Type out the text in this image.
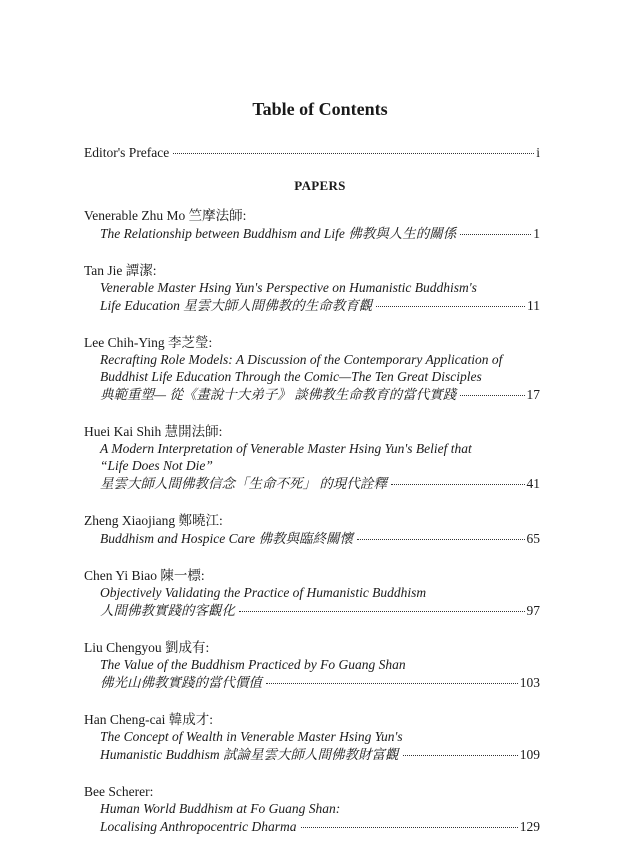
Table of Contents
Editor's Preface	i
PAPERS
Venerable Zhu Mo 竺摩法師:
The Relationship between Buddhism and Life 佛教與人生的關係	1
Tan Jie 譚潔:
Venerable Master Hsing Yun's Perspective on Humanistic Buddhism's
Life Education 星雲大師人間佛教的生命教育觀	11
Lee Chih-Ying 李芝瑩:
Recrafting Role Models: A Discussion of the Contemporary Application of
Buddhist Life Education Through the Comic—The Ten Great Disciples
典範重塑— 從《畫說十大弟子》 談佛教生命教育的當代實踐	17
Huei Kai Shih 慧開法師:
A Modern Interpretation of Venerable Master Hsing Yun's Belief that
“Life Does Not Die”
星雲大師人間佛教信念「生命不死」 的現代詮釋	41
Zheng Xiaojiang 鄭曉江:
Buddhism and Hospice Care 佛教與臨終關懷	65
Chen Yi Biao 陳一標:
Objectively Validating the Practice of Humanistic Buddhism
人間佛教實踐的客觀化	97
Liu Chengyou 劉成有:
The Value of the Buddhism Practiced by Fo Guang Shan
佛光山佛教實踐的當代價值	103
Han Cheng-cai 韓成才:
The Concept of Wealth in Venerable Master Hsing Yun's
Humanistic Buddhism 試論星雲大師人間佛教財富觀	109
Bee Scherer:
Human World Buddhism at Fo Guang Shan:
Localising Anthropocentric Dharma	129
